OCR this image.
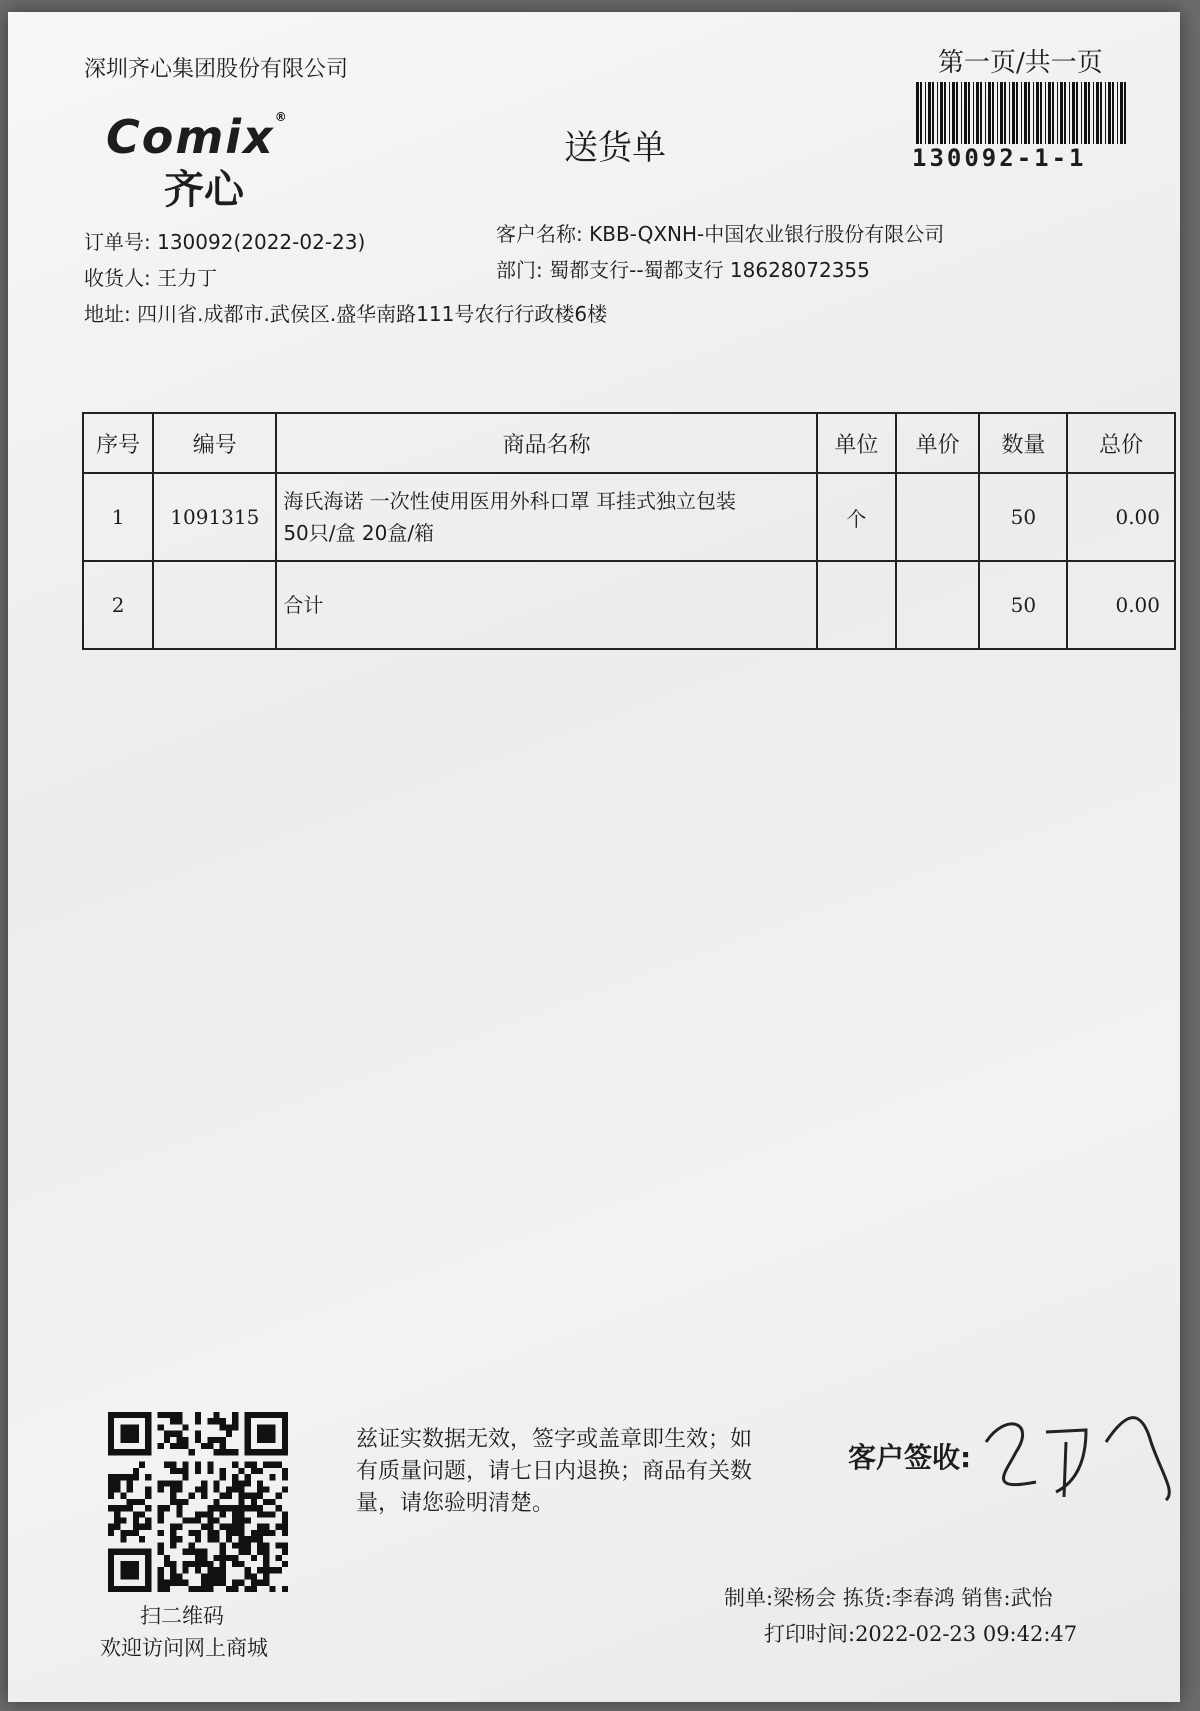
深圳齐心集团股份有限公司	第一页/共一页
130092-1-1
Comix®
齐心
送货单
订单号: 130092(2022-02-23)
收货人: 王力丁
地址: 四川省.成都市.武侯区.盛华南路111号农行行政楼6楼
客户名称: KBB-QXNH-中国农业银行股份有限公司
部门: 蜀都支行--蜀都支行 18628072355
序号	编号	商品名称	单位	单价	数量	总价
1	1091315	海氏海诺 一次性使用医用外科口罩 耳挂式独立包装
50只/盒 20盒/箱	个		50	0.00
2		合计			50	0.00
扫二维码
欢迎访问网上商城
兹证实数据无效，签字或盖章即生效；如有质量问题，请七日内退换；商品有关数量，请您验明清楚。
客户签收:
制单:梁杨会 拣货:李春鸿 销售:武怡
打印时间:2022-02-23 09:42:47
